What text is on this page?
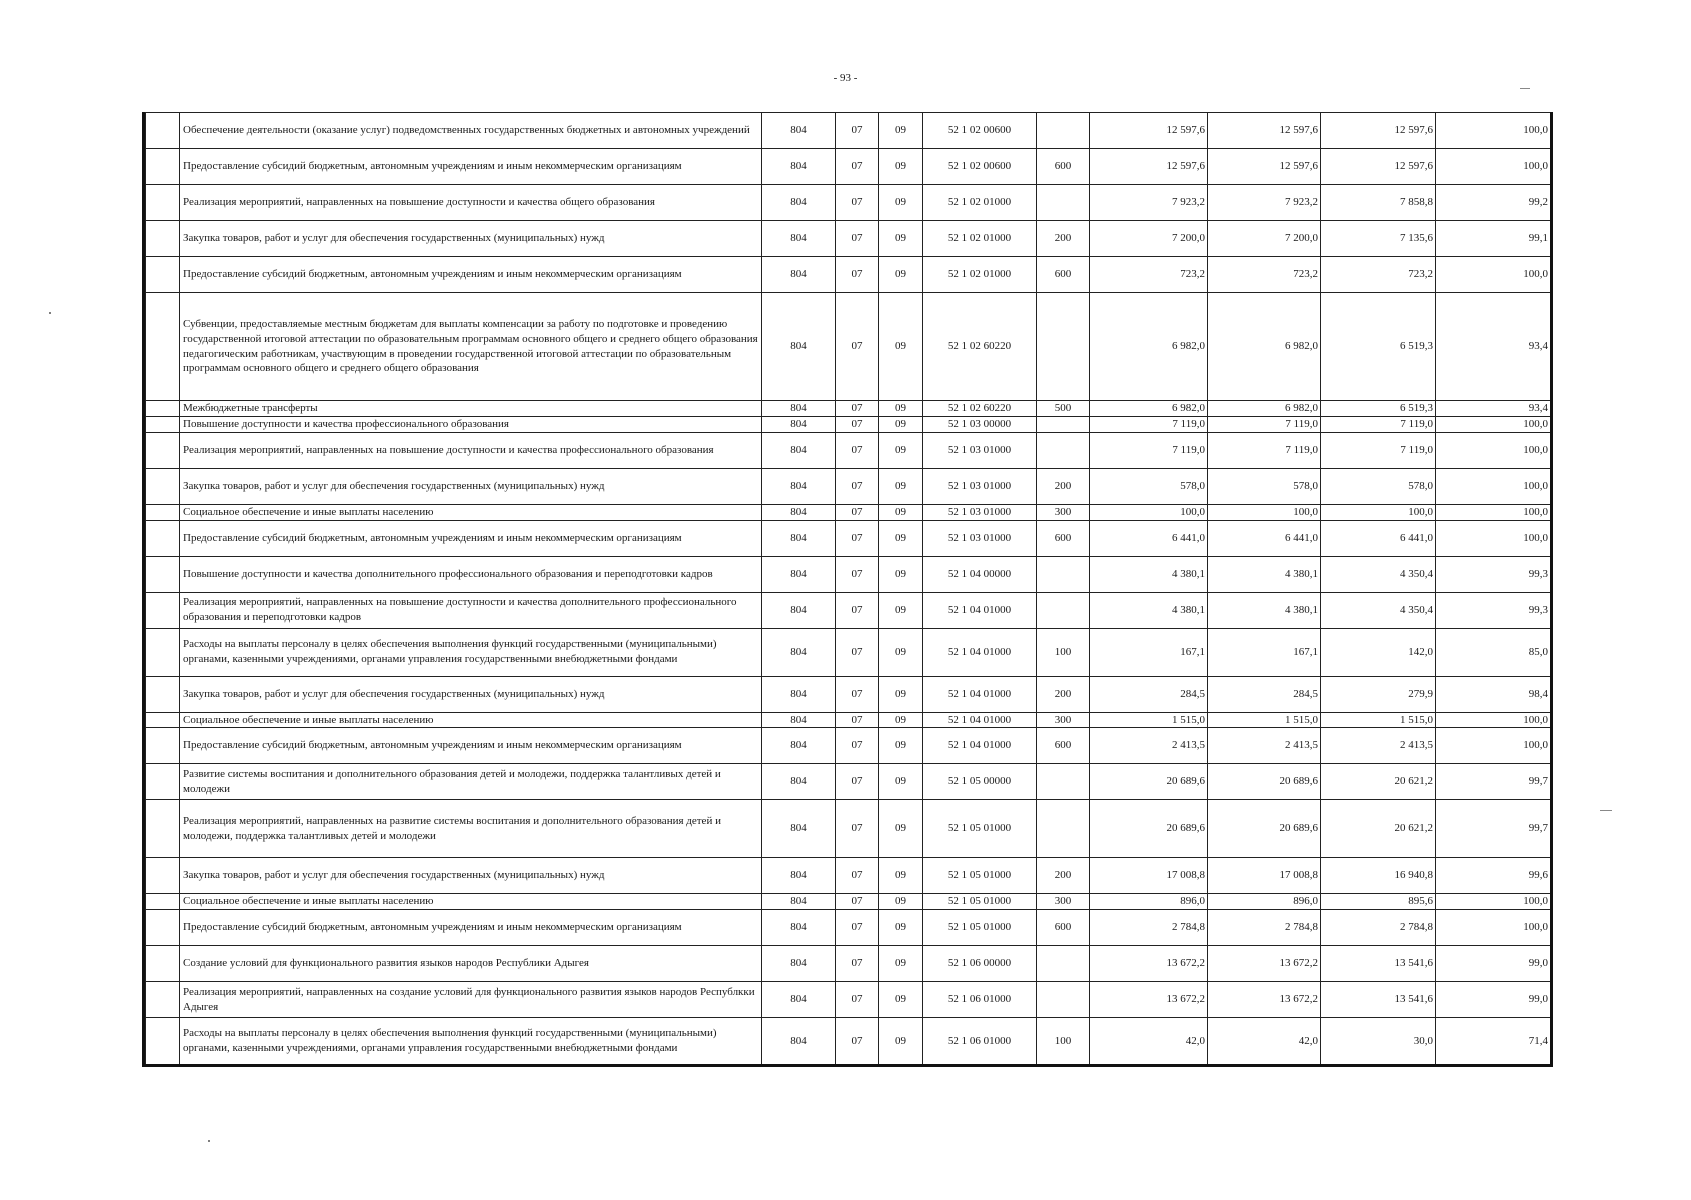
- 93 -
	Обеспечение деятельности (оказание услуг) подведомственных государственных бюджетных и автономных учреждений	804	07	09	52 1 02 00600		12 597,6	12 597,6	12 597,6	100,0
	Предоставление субсидий бюджетным, автономным учреждениям и иным некоммерческим организациям	804	07	09	52 1 02 00600	600	12 597,6	12 597,6	12 597,6	100,0
	Реализация мероприятий, направленных на повышение доступности и качества общего образования	804	07	09	52 1 02 01000		7 923,2	7 923,2	7 858,8	99,2
	Закупка товаров, работ и услуг для обеспечения государственных (муниципальных) нужд	804	07	09	52 1 02 01000	200	7 200,0	7 200,0	7 135,6	99,1
	Предоставление субсидий бюджетным, автономным учреждениям и иным некоммерческим организациям	804	07	09	52 1 02 01000	600	723,2	723,2	723,2	100,0
	Субвенции, предоставляемые местным бюджетам для выплаты компенсации за работу по подготовке и проведению государственной итоговой аттестации по образовательным программам основного общего и среднего общего образования педагогическим работникам, участвующим в проведении государственной итоговой аттестации по образовательным программам основного общего и среднего общего образования	804	07	09	52 1 02 60220		6 982,0	6 982,0	6 519,3	93,4
	Межбюджетные трансферты	804	07	09	52 1 02 60220	500	6 982,0	6 982,0	6 519,3	93,4
	Повышение доступности и качества профессионального образования	804	07	09	52 1 03 00000		7 119,0	7 119,0	7 119,0	100,0
	Реализация мероприятий, направленных на повышение доступности и качества профессионального образования	804	07	09	52 1 03 01000		7 119,0	7 119,0	7 119,0	100,0
	Закупка товаров, работ и услуг для обеспечения государственных (муниципальных) нужд	804	07	09	52 1 03 01000	200	578,0	578,0	578,0	100,0
	Социальное обеспечение и иные выплаты населению	804	07	09	52 1 03 01000	300	100,0	100,0	100,0	100,0
	Предоставление субсидий бюджетным, автономным учреждениям и иным некоммерческим организациям	804	07	09	52 1 03 01000	600	6 441,0	6 441,0	6 441,0	100,0
	Повышение доступности и качества дополнительного профессионального образования и переподготовки кадров	804	07	09	52 1 04 00000		4 380,1	4 380,1	4 350,4	99,3
	Реализация мероприятий, направленных на повышение доступности и качества дополнительного профессионального образования и переподготовки кадров	804	07	09	52 1 04 01000		4 380,1	4 380,1	4 350,4	99,3
	Расходы на выплаты персоналу в целях обеспечения выполнения функций государственными (муниципальными) органами, казенными учреждениями, органами управления государственными внебюджетными фондами	804	07	09	52 1 04 01000	100	167,1	167,1	142,0	85,0
	Закупка товаров, работ и услуг для обеспечения государственных (муниципальных) нужд	804	07	09	52 1 04 01000	200	284,5	284,5	279,9	98,4
	Социальное обеспечение и иные выплаты населению	804	07	09	52 1 04 01000	300	1 515,0	1 515,0	1 515,0	100,0
	Предоставление субсидий бюджетным, автономным учреждениям и иным некоммерческим организациям	804	07	09	52 1 04 01000	600	2 413,5	2 413,5	2 413,5	100,0
	Развитие системы воспитания и дополнительного образования детей и молодежи, поддержка талантливых детей и молодежи	804	07	09	52 1 05 00000		20 689,6	20 689,6	20 621,2	99,7
	Реализация мероприятий, направленных на развитие системы воспитания и дополнительного образования детей и молодежи, поддержка талантливых детей и молодежи	804	07	09	52 1 05 01000		20 689,6	20 689,6	20 621,2	99,7
	Закупка товаров, работ и услуг для обеспечения государственных (муниципальных) нужд	804	07	09	52 1 05 01000	200	17 008,8	17 008,8	16 940,8	99,6
	Социальное обеспечение и иные выплаты населению	804	07	09	52 1 05 01000	300	896,0	896,0	895,6	100,0
	Предоставление субсидий бюджетным, автономным учреждениям и иным некоммерческим организациям	804	07	09	52 1 05 01000	600	2 784,8	2 784,8	2 784,8	100,0
	Создание условий для функционального развития языков народов Республики Адыгея	804	07	09	52 1 06 00000		13 672,2	13 672,2	13 541,6	99,0
	Реализация мероприятий, направленных на создание условий для функционального развития языков народов Республкки Адыгея	804	07	09	52 1 06 01000		13 672,2	13 672,2	13 541,6	99,0
	Расходы на выплаты персоналу в целях обеспечения выполнения функций государственными (муниципальными) органами, казенными учреждениями, органами управления государственными внебюджетными фондами	804	07	09	52 1 06 01000	100	42,0	42,0	30,0	71,4
